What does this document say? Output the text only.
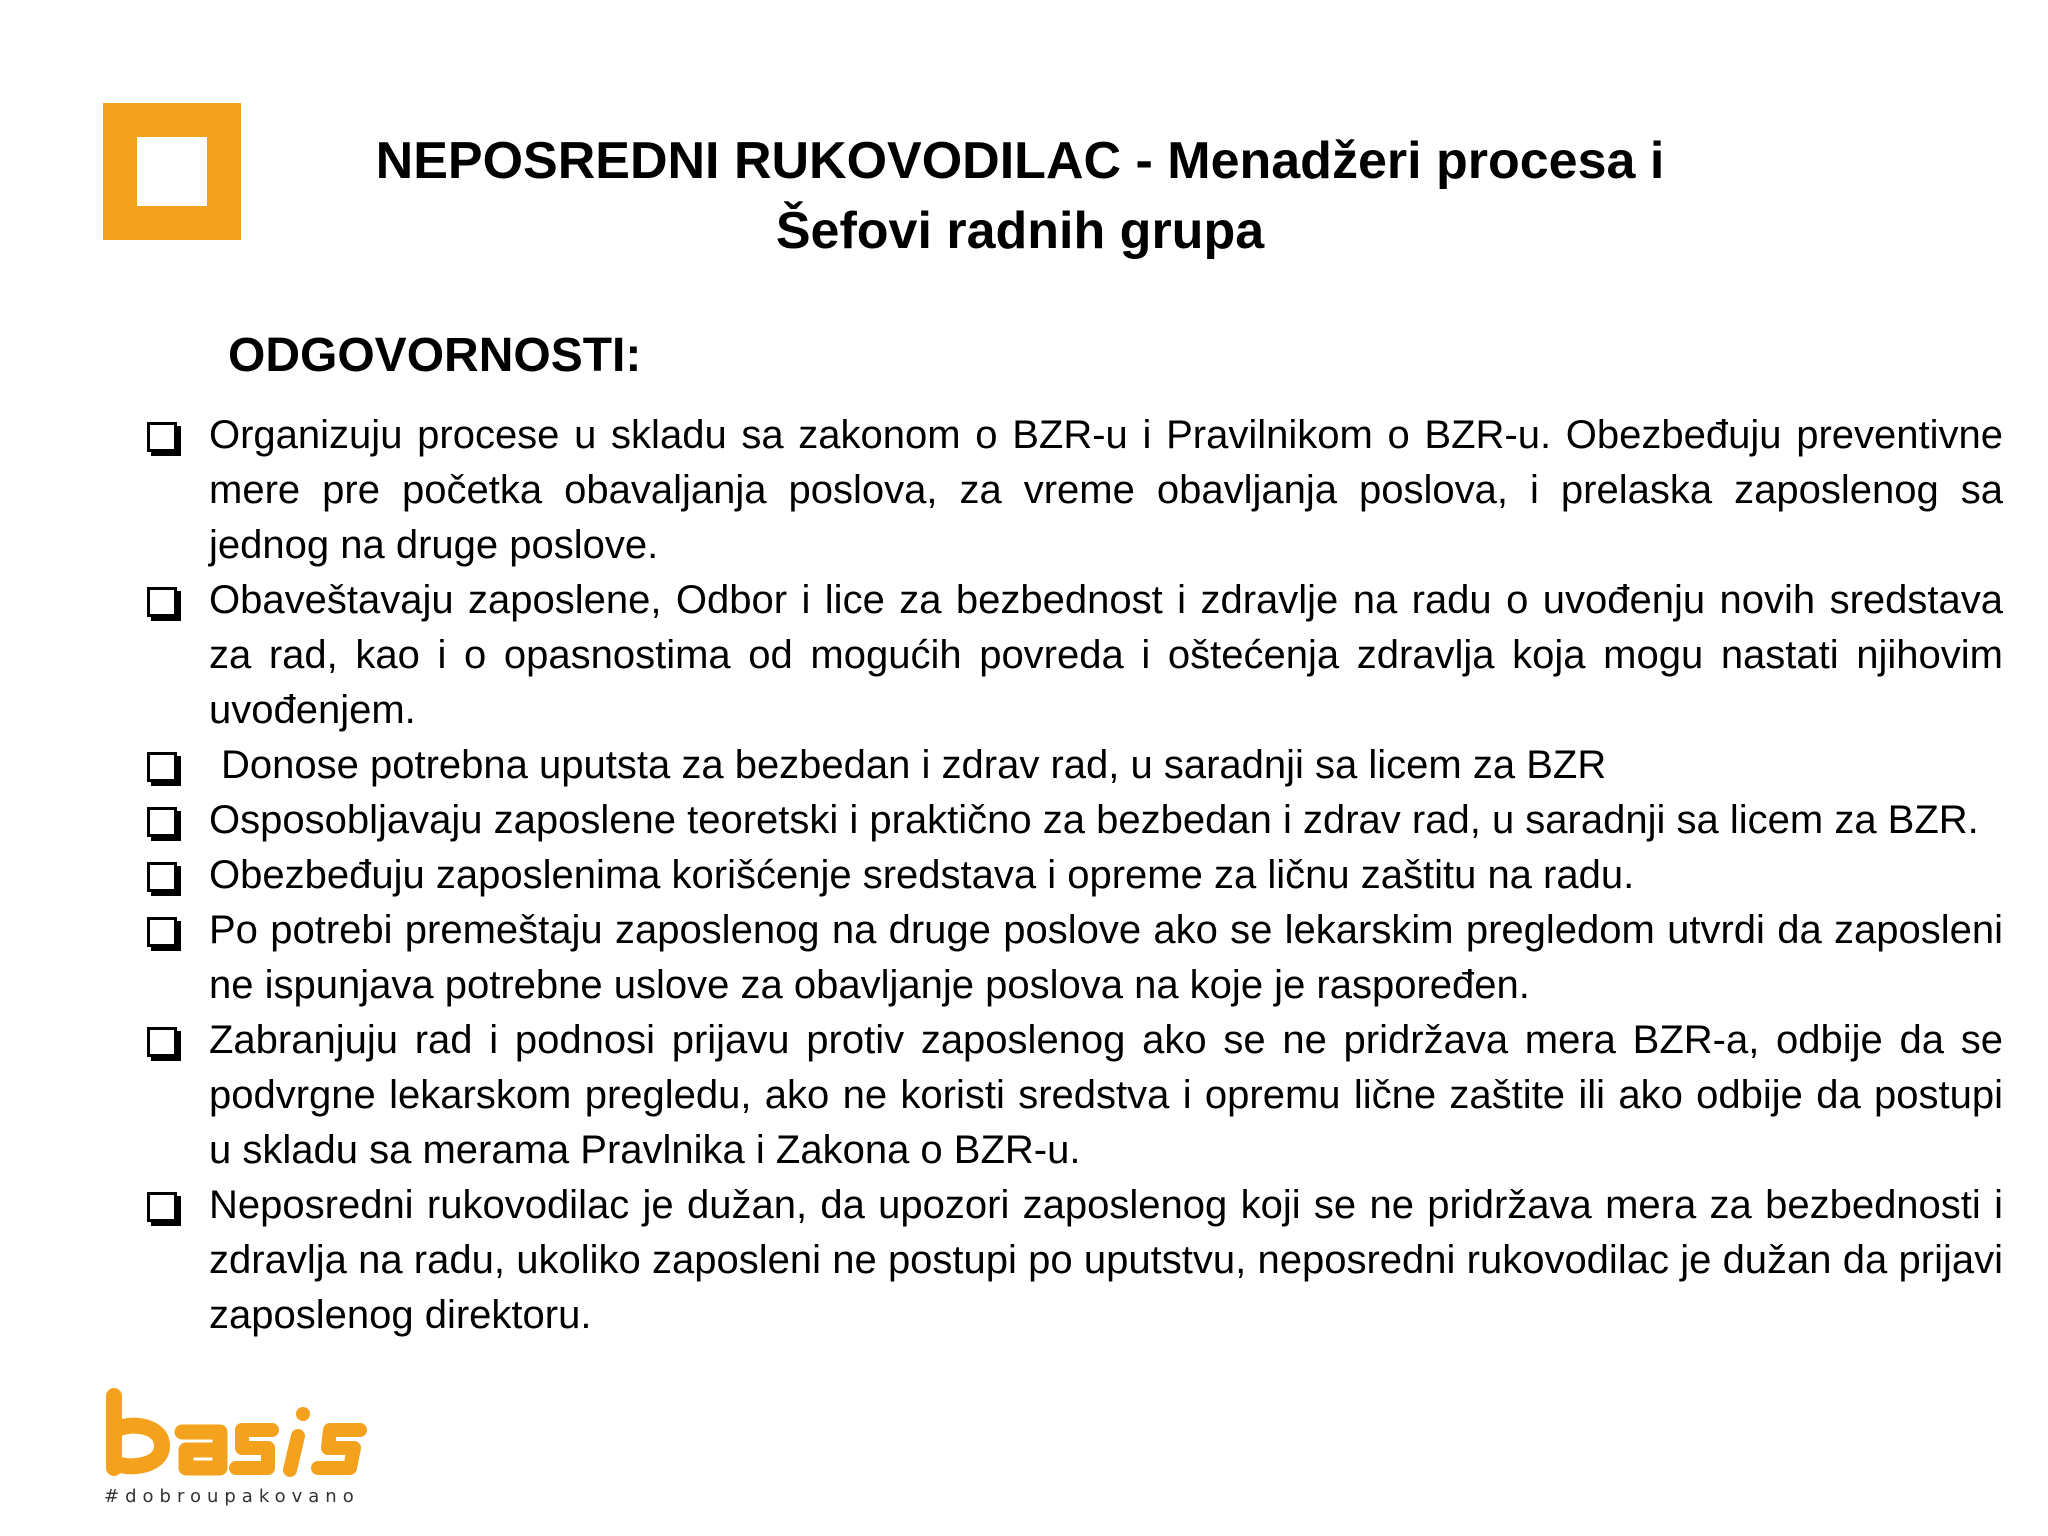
NEPOSREDNI RUKOVODILAC - Menadžeri procesa i
Šefovi radnih grupa
ODGOVORNOSTI:
Organizuju procese u skladu sa zakonom o BZR-u i Pravilnikom o BZR-u. Obezbeđuju preventivne mere pre početka obavaljanja poslova, za vreme obavljanja poslova, i prelaska zaposlenog sa jednog na druge poslove.
Obaveštavaju zaposlene, Odbor i lice za bezbednost i zdravlje na radu o uvođenju novih sredstava za rad, kao i o opasnostima od mogućih povreda i oštećenja zdravlja koja mogu nastati njihovim uvođenjem.
Donose potrebna uputsta za bezbedan i zdrav rad, u saradnji sa licem za BZR
Osposobljavaju zaposlene teoretski i praktično za bezbedan i zdrav rad, u saradnji sa licem za BZR.
Obezbeđuju zaposlenima korišćenje sredstava i opreme za ličnu zaštitu na radu.
Po potrebi premeštaju zaposlenog na druge poslove ako se lekarskim pregledom utvrdi da zaposleni ne ispunjava potrebne uslove za obavljanje poslova na koje je raspoređen.
Zabranjuju rad i podnosi prijavu protiv zaposlenog ako se ne pridržava mera BZR-a, odbije da se podvrgne lekarskom pregledu, ako ne koristi sredstva i opremu lične zaštite ili ako odbije da postupi u skladu sa merama Pravlnika i Zakona o BZR-u.
Neposredni rukovodilac je dužan, da upozori zaposlenog koji se ne pridržava mera za bezbednosti i zdravlja na radu, ukoliko zaposleni ne postupi po uputstvu, neposredni rukovodilac je dužan da prijavi zaposlenog direktoru.
#dobroupakovano
